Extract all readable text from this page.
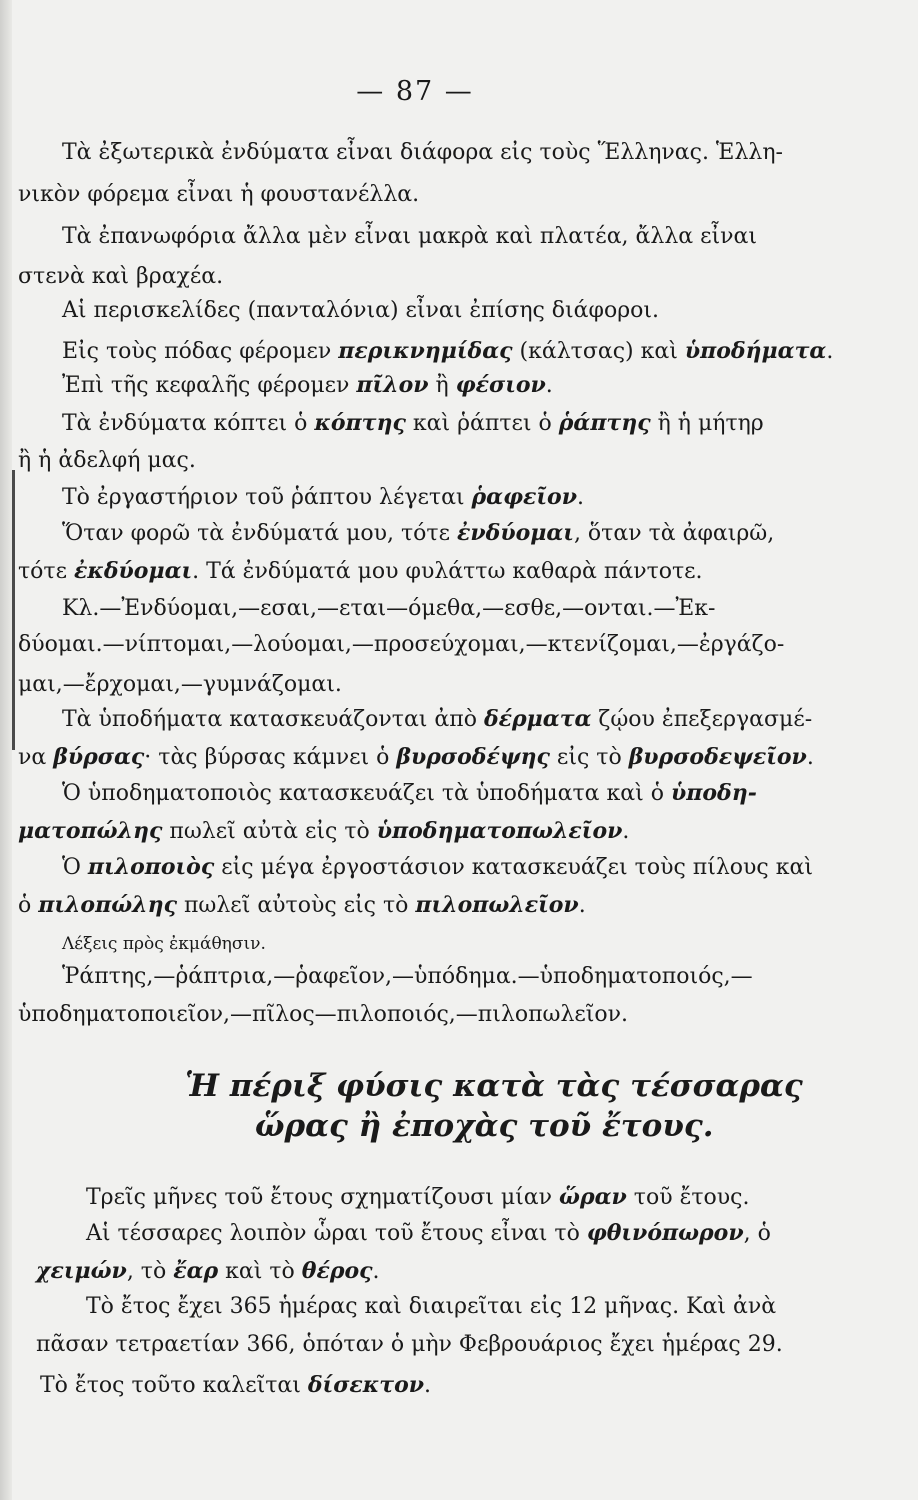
— 87 —
Τὰ ἐξωτερικὰ ἐνδύματα εἶναι διάφορα εἰς τοὺς Ἕλληνας. Ἑλλη-
νικὸν φόρεμα εἶναι ἡ φουστανέλλα.
Τὰ ἐπανωφόρια ἄλλα μὲν εἶναι μακρὰ καὶ πλατέα, ἄλλα εἶναι
στενὰ καὶ βραχέα.
Αἱ περισκελίδες (πανταλόνια) εἶναι ἐπίσης διάφοροι.
Εἰς τοὺς πόδας φέρομεν περικνημίδας (κάλτσας) καὶ ὑποδήματα.
Ἐπὶ τῆς κεφαλῆς φέρομεν πῖλον ἢ φέσιον.
Τὰ ἐνδύματα κόπτει ὁ κόπτης καὶ ῥάπτει ὁ ῥάπτης ἢ ἡ μήτηρ
ἢ ἡ ἀδελφή μας.
Τὸ ἐργαστήριον τοῦ ῥάπτου λέγεται ῥαφεῖον.
Ὅταν φορῶ τὰ ἐνδύματά μου, τότε ἐνδύομαι, ὅταν τὰ ἀφαιρῶ,
τότε ἐκδύομαι. Τά ἐνδύματά μου φυλάττω καθαρὰ πάντοτε.
Κλ.—Ἐνδύομαι,—εσαι,—εται—όμεθα,—εσθε,—ονται.—Ἐκ-
δύομαι.—νίπτομαι,—λούομαι,—προσεύχομαι,—κτενίζομαι,—ἐργάζο-
μαι,—ἔρχομαι,—γυμνάζομαι.
Τὰ ὑποδήματα κατασκευάζονται ἀπὸ δέρματα ζῴου ἐπεξεργασμέ-
να βύρσας· τὰς βύρσας κάμνει ὁ βυρσοδέψης εἰς τὸ βυρσοδεψεῖον.
Ὁ ὑποδηματοποιὸς κατασκευάζει τὰ ὑποδήματα καὶ ὁ ὑποδη-
ματοπώλης πωλεῖ αὐτὰ εἰς τὸ ὑποδηματοπωλεῖον.
Ὁ πιλοποιὸς εἰς μέγα ἐργοστάσιον κατασκευάζει τοὺς πίλους καὶ
ὁ πιλοπώλης πωλεῖ αὐτοὺς εἰς τὸ πιλοπωλεῖον.
Λέξεις πρὸς ἐκμάθησιν.
Ῥάπτης,—ῥάπτρια,—ῥαφεῖον,—ὑπόδημα.—ὑποδηματοποιός,—
ὑποδηματοποιεῖον,—πῖλος—πιλοποιός,—πιλοπωλεῖον.
Ἡ πέριξ φύσις κατὰ τὰς τέσσαρας
ὥρας ἢ ἐποχὰς τοῦ ἔτους.
Τρεῖς μῆνες τοῦ ἔτους σχηματίζουσι μίαν ὥραν τοῦ ἔτους.
Αἱ τέσσαρες λοιπὸν ὧραι τοῦ ἔτους εἶναι τὸ φθινόπωρον, ὁ
χειμών, τὸ ἔαρ καὶ τὸ θέρος.
Τὸ ἔτος ἔχει 365 ἡμέρας καὶ διαιρεῖται εἰς 12 μῆνας. Καὶ ἀνὰ
πᾶσαν τετραετίαν 366, ὁπόταν ὁ μὴν Φεβρουάριος ἔχει ἡμέρας 29.
Τὸ ἔτος τοῦτο καλεῖται δίσεκτον.
